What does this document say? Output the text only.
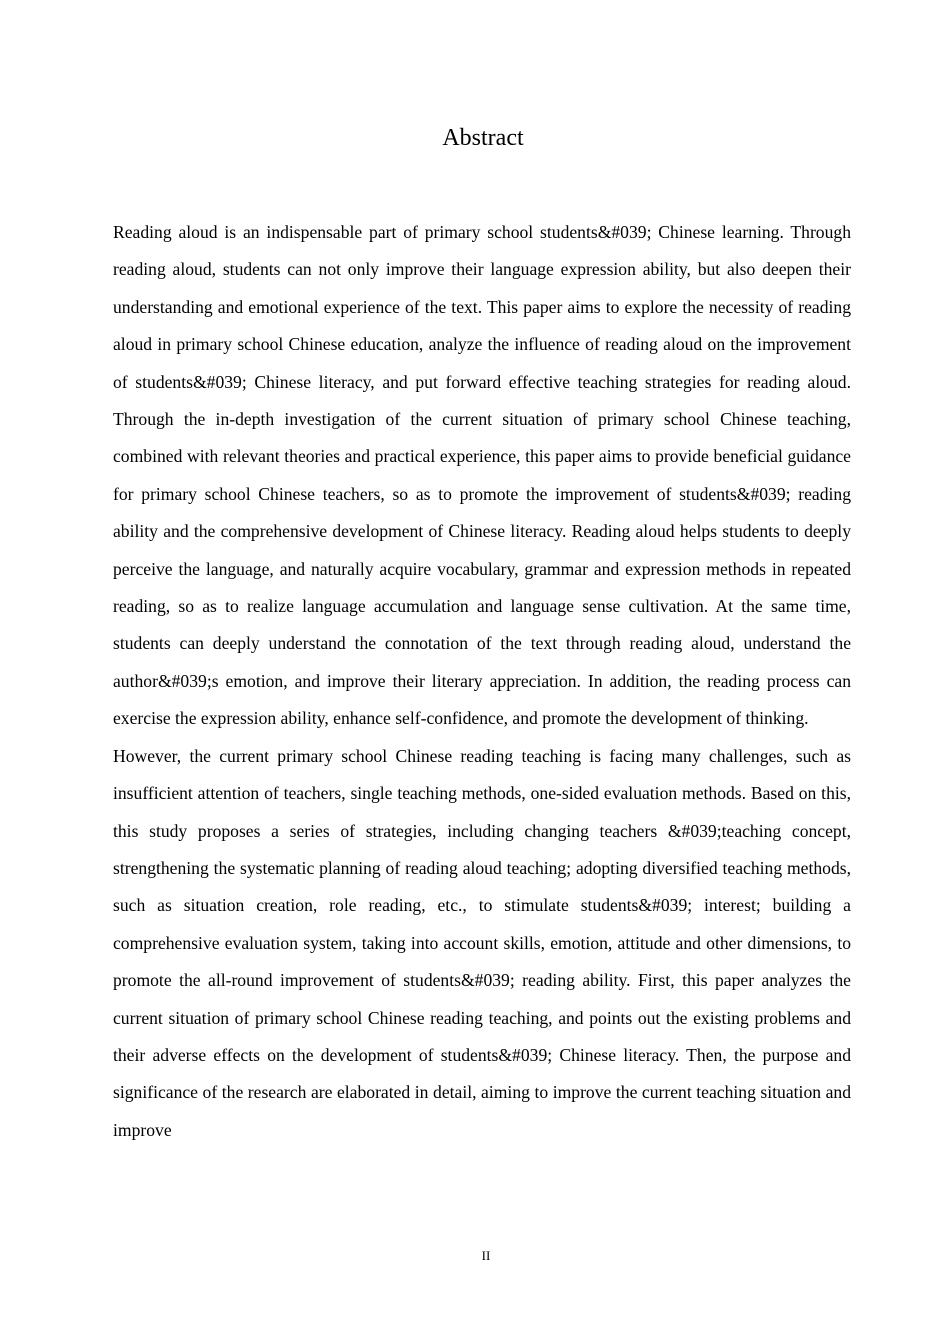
Abstract

Reading aloud is an indispensable part of primary school students&#039; Chinese learning. Through reading aloud, students can not only improve their language expression ability, but also deepen their understanding and emotional experience of the text. This paper aims to explore the necessity of reading aloud in primary school Chinese education, analyze the influence of reading aloud on the improvement of students&#039; Chinese literacy, and put forward effective teaching strategies for reading aloud. Through the in-depth investigation of the current situation of primary school Chinese teaching, combined with relevant theories and practical experience, this paper aims to provide beneficial guidance for primary school Chinese teachers, so as to promote the improvement of students&#039; reading ability and the comprehensive development of Chinese literacy. Reading aloud helps students to deeply perceive the language, and naturally acquire vocabulary, grammar and expression methods in repeated reading, so as to realize language accumulation and language sense cultivation. At the same time, students can deeply understand the connotation of the text through reading aloud, understand the author&#039;s emotion, and improve their literary appreciation. In addition, the reading process can exercise the expression ability, enhance self-confidence, and promote the development of thinking.

However, the current primary school Chinese reading teaching is facing many challenges, such as insufficient attention of teachers, single teaching methods, one-sided evaluation methods. Based on this, this study proposes a series of strategies, including changing teachers &#039;teaching concept, strengthening the systematic planning of reading aloud teaching; adopting diversified teaching methods, such as situation creation, role reading, etc., to stimulate students&#039; interest; building a comprehensive evaluation system, taking into account skills, emotion, attitude and other dimensions, to promote the all-round improvement of students&#039; reading ability. First, this paper analyzes the current situation of primary school Chinese reading teaching, and points out the existing problems and their adverse effects on the development of students&#039; Chinese literacy. Then, the purpose and significance of the research are elaborated in detail, aiming to improve the current teaching situation and improve

II
